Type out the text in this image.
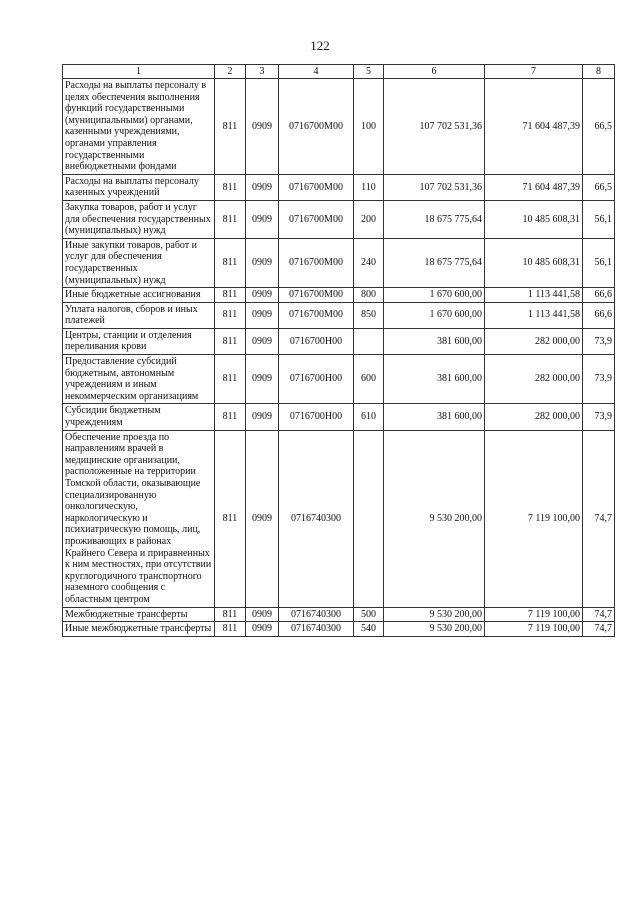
122
1	2	3	4	5	6	7	8
Расходы на выплаты персоналу в целях обеспечения выполнения функций государственными (муниципальными) органами, казенными учреждениями, органами управления государственными внебюджетными фондами	811	0909	0716700М00	100	107 702 531,36	71 604 487,39	66,5
Расходы на выплаты персоналу казенных учреждений	811	0909	0716700М00	110	107 702 531,36	71 604 487,39	66,5
Закупка товаров, работ и услуг для обеспечения государственных (муниципальных) нужд	811	0909	0716700М00	200	18 675 775,64	10 485 608,31	56,1
Иные закупки товаров, работ и услуг для обеспечения государственных (муниципальных) нужд	811	0909	0716700М00	240	18 675 775,64	10 485 608,31	56,1
Иные бюджетные ассигнования	811	0909	0716700М00	800	1 670 600,00	1 113 441,58	66,6
Уплата налогов, сборов и иных платежей	811	0909	0716700М00	850	1 670 600,00	1 113 441,58	66,6
Центры, станции и отделения переливания крови	811	0909	0716700Н00		381 600,00	282 000,00	73,9
Предоставление субсидий бюджетным, автономным учреждениям и иным некоммерческим организациям	811	0909	0716700Н00	600	381 600,00	282 000,00	73,9
Субсидии бюджетным учреждениям	811	0909	0716700Н00	610	381 600,00	282 000,00	73,9
Обеспечение проезда по направлениям врачей в медицинские организации, расположенные на территории Томской области, оказывающие специализированную онкологическую, наркологическую и психиатрическую помощь, лиц, проживающих в районах Крайнего Севера и приравненных к ним местностях, при отсутствии круглогодичного транспортного наземного сообщения с областным центром	811	0909	0716740300		9 530 200,00	7 119 100,00	74,7
Межбюджетные трансферты	811	0909	0716740300	500	9 530 200,00	7 119 100,00	74,7
Иные межбюджетные трансферты	811	0909	0716740300	540	9 530 200,00	7 119 100,00	74,7
